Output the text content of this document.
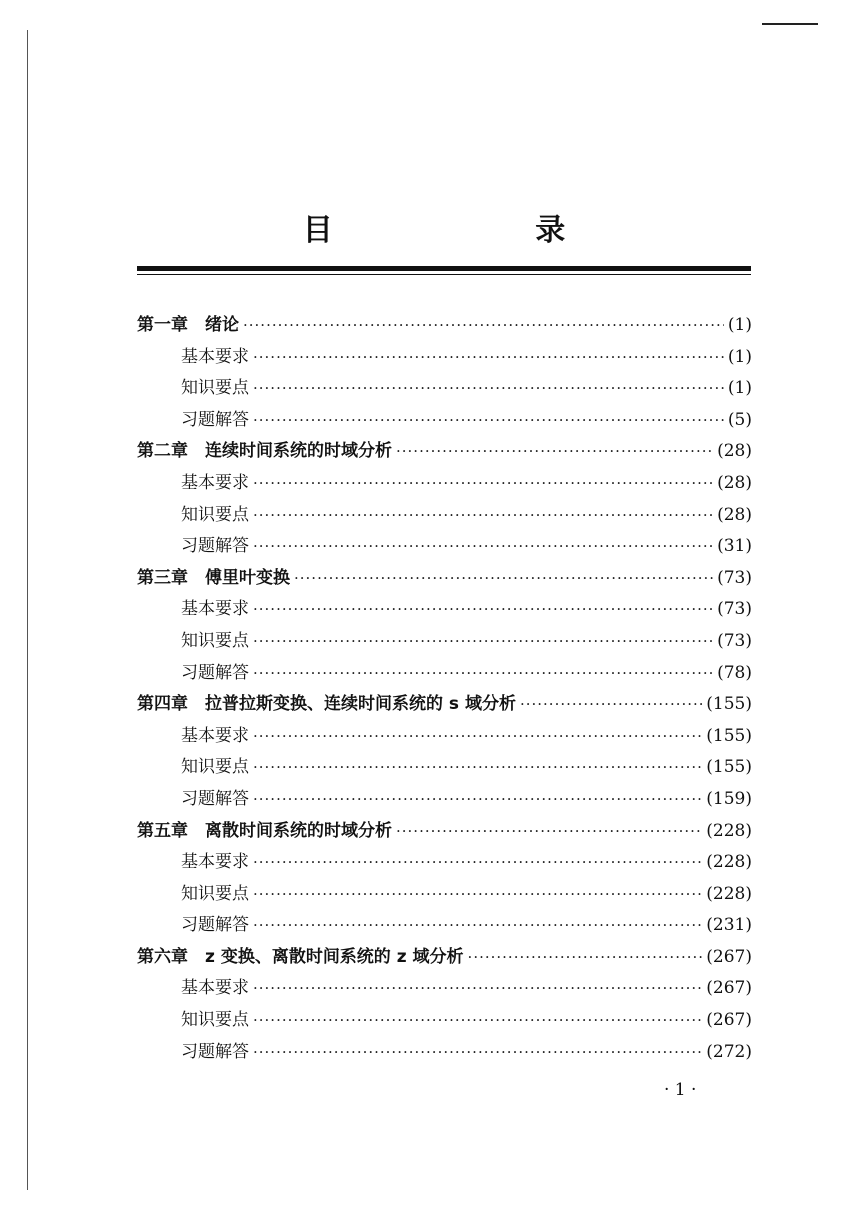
目 录
第一章　绪论 ·····	(1)
基本要求 ·····	(1)
知识要点 ·····	(1)
习题解答 ·····	(5)
第二章　连续时间系统的时域分析 ·····	(28)
基本要求 ·····	(28)
知识要点 ·····	(28)
习题解答 ·····	(31)
第三章　傅里叶变换 ·····	(73)
基本要求 ·····	(73)
知识要点 ·····	(73)
习题解答 ·····	(78)
第四章　拉普拉斯变换、连续时间系统的 s 域分析 ·····	(155)
基本要求 ·····	(155)
知识要点 ·····	(155)
习题解答 ·····	(159)
第五章　离散时间系统的时域分析 ·····	(228)
基本要求 ·····	(228)
知识要点 ·····	(228)
习题解答 ·····	(231)
第六章　z 变换、离散时间系统的 z 域分析 ·····	(267)
基本要求 ·····	(267)
知识要点 ·····	(267)
习题解答 ·····	(272)
· 1 ·
